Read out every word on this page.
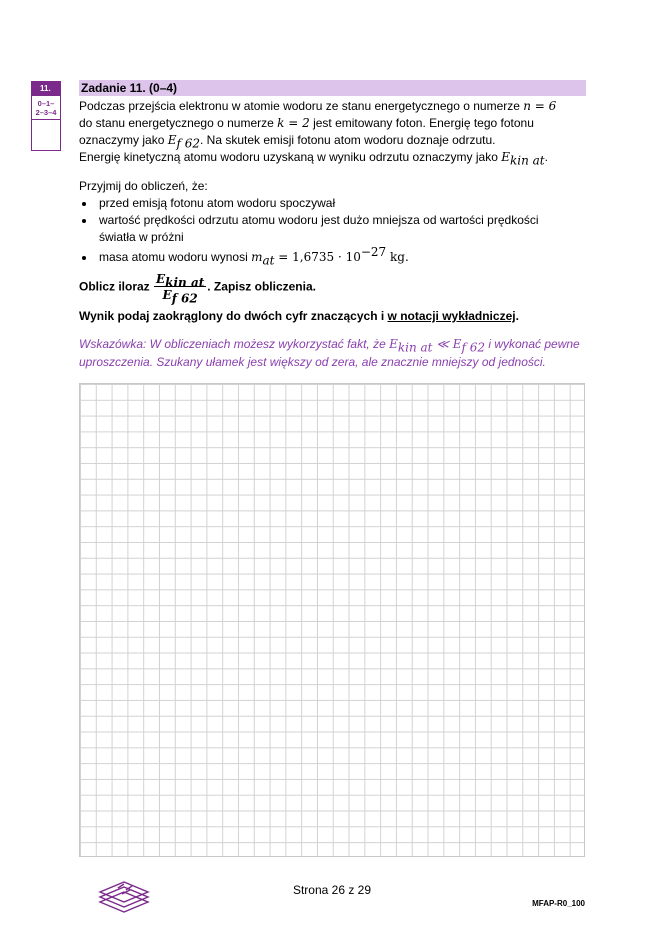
11.
0–1–
2–3–4
Zadanie 11. (0–4)
Podczas przejścia elektronu w atomie wodoru ze stanu energetycznego o numerze n = 6
do stanu energetycznego o numerze k = 2 jest emitowany foton. Energię tego fotonu
oznaczymy jako $E_{f 62}$. Na skutek emisji fotonu atom wodoru doznaje odrzutu.
Energię kinetyczną atomu wodoru uzyskaną w wyniku odrzutu oznaczymy jako $E_{kin at}$.
Przyjmij do obliczeń, że:
przed emisją fotonu atom wodoru spoczywał
wartość prędkości odrzutu atomu wodoru jest dużo mniejsza od wartości prędkości
światła w próżni
masa atomu wodoru wynosi $m_{at} = 1,6735 \cdot 10^{-27}$ kg.
Oblicz iloraz $\frac{E_{kin at}}{E_{f 62}}$ . Zapisz obliczenia.
Wynik podaj zaokrąglony do dwóch cyfr znaczących i w notacji wykładniczej.
Wskazówka: W obliczeniach możesz wykorzystać fakt, że $E_{kin at}$ ≪ $E_{f 62}$ i wykonać pewne
uproszczenia. Szukany ułamek jest większy od zera, ale znacznie mniejszy od jedności.
Strona 26 z 29
MFAP-R0_100
